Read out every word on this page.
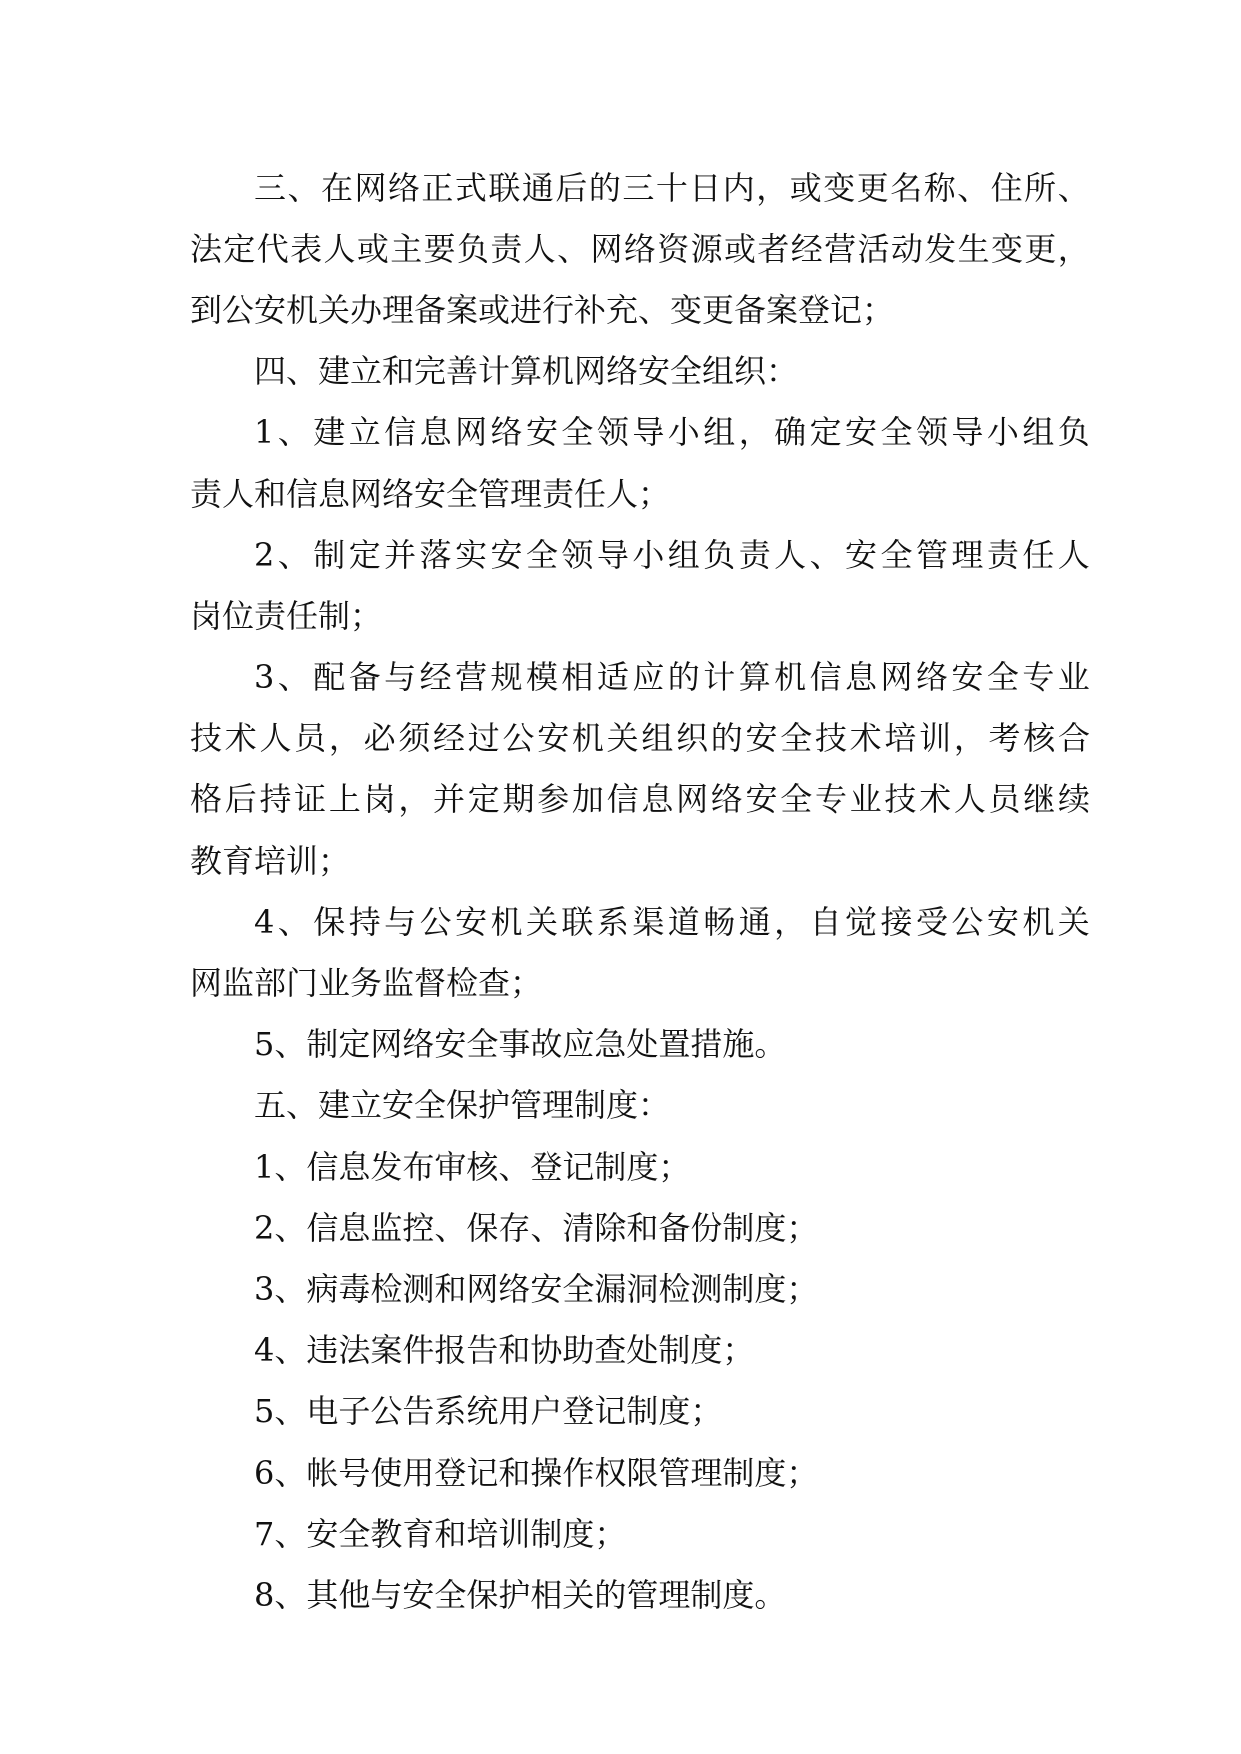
三 、 在 网 络 正 式 联 通 后 的 三 十 日 内 ， 或 变 更 名 称 、 住 所 、
法 定 代 表 人 或 主 要 负 责 人 、 网 络 资 源 或 者 经 营 活 动 发 生 变 更 ，
到公安机关办理备案或进行补充、变更备案登记；
四、建立和完善计算机网络安全组织：
1 、 建 立 信 息 网 络 安 全 领 导 小 组 ， 确 定 安 全 领 导 小 组 负
责人和信息网络安全管理责任人；
2 、 制 定 并 落 实 安 全 领 导 小 组 负 责 人 、 安 全 管 理 责 任 人
岗位责任制；
3 、 配 备 与 经 营 规 模 相 适 应 的 计 算 机 信 息 网 络 安 全 专 业
技 术 人 员 ， 必 须 经 过 公 安 机 关 组 织 的 安 全 技 术 培 训 ， 考 核 合
格 后 持 证 上 岗 ， 并 定 期 参 加 信 息 网 络 安 全 专 业 技 术 人 员 继 续
教育培训；
4 、 保 持 与 公 安 机 关 联 系 渠 道 畅 通 ， 自 觉 接 受 公 安 机 关
网监部门业务监督检查；
5、制定网络安全事故应急处置措施。
五、建立安全保护管理制度：
1、信息发布审核、登记制度；
2、信息监控、保存、清除和备份制度；
3、病毒检测和网络安全漏洞检测制度；
4、违法案件报告和协助查处制度；
5、电子公告系统用户登记制度；
6、帐号使用登记和操作权限管理制度；
7、安全教育和培训制度；
8、其他与安全保护相关的管理制度。
